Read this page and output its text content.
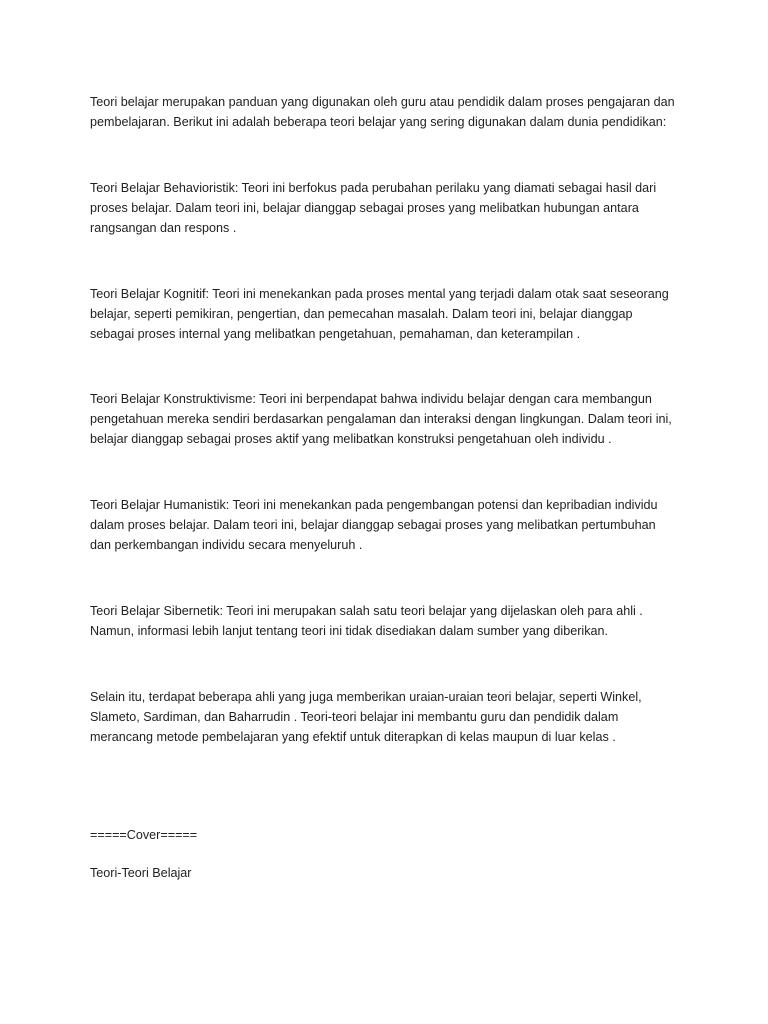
Teori belajar merupakan panduan yang digunakan oleh guru atau pendidik dalam proses pengajaran dan
pembelajaran. Berikut ini adalah beberapa teori belajar yang sering digunakan dalam dunia pendidikan:

Teori Belajar Behavioristik: Teori ini berfokus pada perubahan perilaku yang diamati sebagai hasil dari
proses belajar. Dalam teori ini, belajar dianggap sebagai proses yang melibatkan hubungan antara
rangsangan dan respons .

Teori Belajar Kognitif: Teori ini menekankan pada proses mental yang terjadi dalam otak saat seseorang
belajar, seperti pemikiran, pengertian, dan pemecahan masalah. Dalam teori ini, belajar dianggap
sebagai proses internal yang melibatkan pengetahuan, pemahaman, dan keterampilan .

Teori Belajar Konstruktivisme: Teori ini berpendapat bahwa individu belajar dengan cara membangun
pengetahuan mereka sendiri berdasarkan pengalaman dan interaksi dengan lingkungan. Dalam teori ini,
belajar dianggap sebagai proses aktif yang melibatkan konstruksi pengetahuan oleh individu .

Teori Belajar Humanistik: Teori ini menekankan pada pengembangan potensi dan kepribadian individu
dalam proses belajar. Dalam teori ini, belajar dianggap sebagai proses yang melibatkan pertumbuhan
dan perkembangan individu secara menyeluruh .

Teori Belajar Sibernetik: Teori ini merupakan salah satu teori belajar yang dijelaskan oleh para ahli .
Namun, informasi lebih lanjut tentang teori ini tidak disediakan dalam sumber yang diberikan.

Selain itu, terdapat beberapa ahli yang juga memberikan uraian-uraian teori belajar, seperti Winkel,
Slameto, Sardiman, dan Baharrudin . Teori-teori belajar ini membantu guru dan pendidik dalam
merancang metode pembelajaran yang efektif untuk diterapkan di kelas maupun di luar kelas .

=====Cover=====

Teori-Teori Belajar
